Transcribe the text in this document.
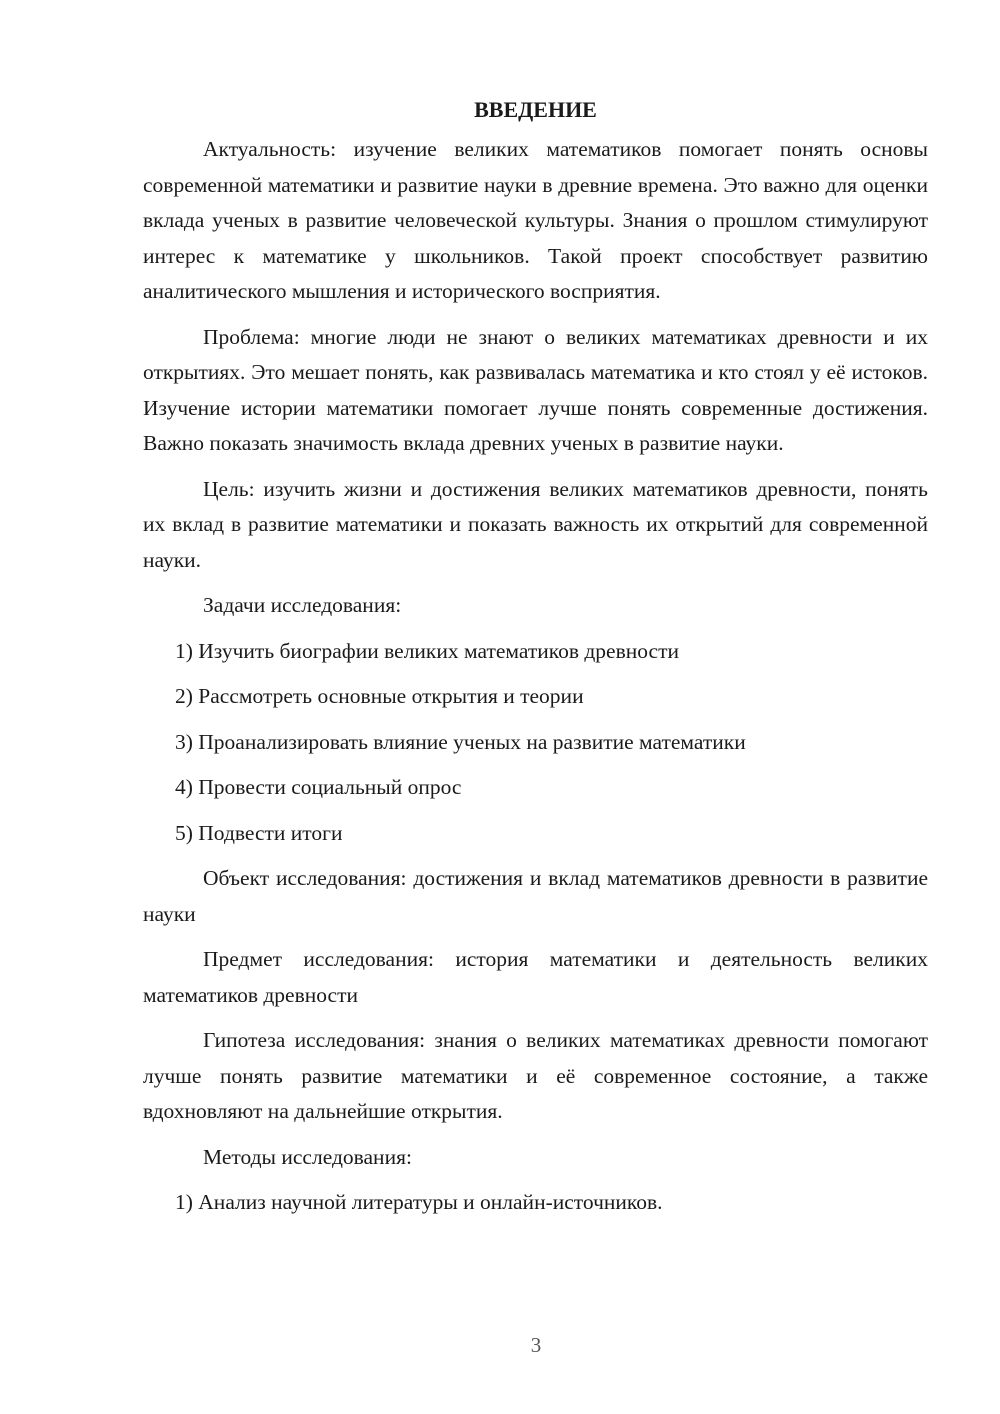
ВВЕДЕНИЕ

Актуальность: изучение великих математиков помогает понять основы современной математики и развитие науки в древние времена. Это важно для оценки вклада ученых в развитие человеческой культуры. Знания о прошлом стимулируют интерес к математике у школьников. Такой проект способствует развитию аналитического мышления и исторического восприятия.

Проблема: многие люди не знают о великих математиках древности и их открытиях. Это мешает понять, как развивалась математика и кто стоял у её истоков. Изучение истории математики помогает лучше понять современные достижения. Важно показать значимость вклада древних ученых в развитие науки.

Цель: изучить жизни и достижения великих математиков древности, понять их вклад в развитие математики и показать важность их открытий для современной науки.

Задачи исследования:

1) Изучить биографии великих математиков древности

2) Рассмотреть основные открытия и теории

3) Проанализировать влияние ученых на развитие математики

4) Провести социальный опрос

5) Подвести итоги

Объект исследования: достижения и вклад математиков древности в развитие науки

Предмет исследования: история математики и деятельность великих математиков древности

Гипотеза исследования: знания о великих математиках древности помогают лучше понять развитие математики и её современное состояние, а также вдохновляют на дальнейшие открытия.

Методы исследования:

1) Анализ научной литературы и онлайн-источников.

3
